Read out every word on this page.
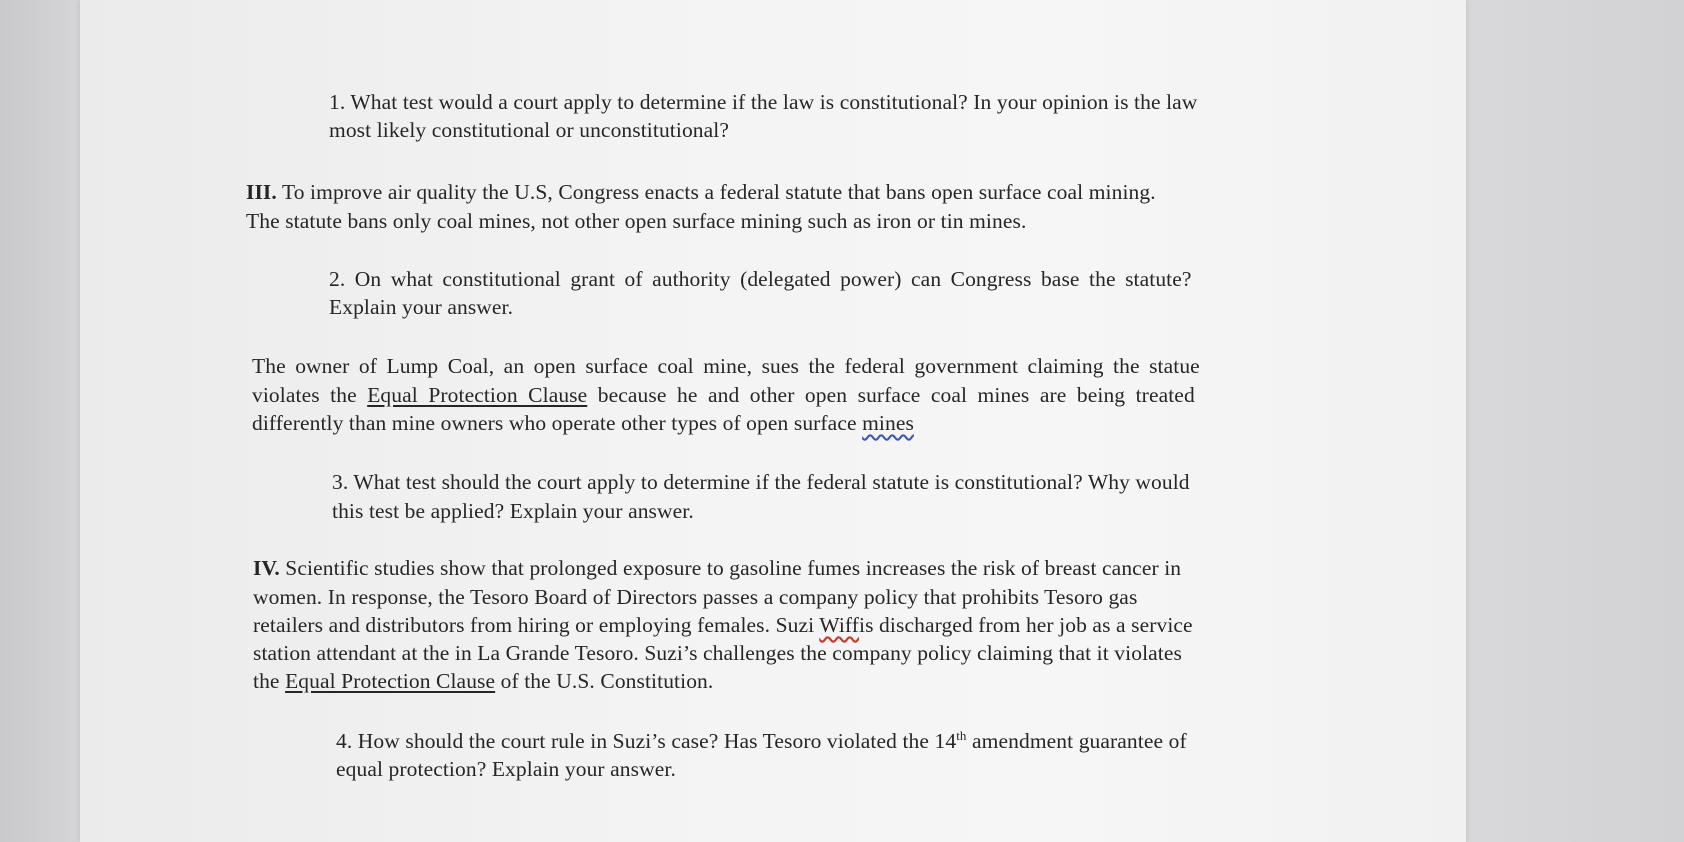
1. What test would a court apply to determine if the law is constitutional? In your opinion is the law
most likely constitutional or unconstitutional?
III. To improve air quality the U.S, Congress enacts a federal statute that bans open surface coal mining.
The statute bans only coal mines, not other open surface mining such as iron or tin mines.
2. On what constitutional grant of authority (delegated power) can Congress base the statute?
Explain your answer.
The owner of Lump Coal, an open surface coal mine, sues the federal government claiming the statue
violates the Equal Protection Clause because he and other open surface coal mines are being treated
differently than mine owners who operate other types of open surface mines
3. What test should the court apply to determine if the federal statute is constitutional? Why would
this test be applied? Explain your answer.
IV. Scientific studies show that prolonged exposure to gasoline fumes increases the risk of breast cancer in
women. In response, the Tesoro Board of Directors passes a company policy that prohibits Tesoro gas
retailers and distributors from hiring or employing females. Suzi Wiffis discharged from her job as a service
station attendant at the in La Grande Tesoro. Suzi’s challenges the company policy claiming that it violates
the Equal Protection Clause of the U.S. Constitution.
4. How should the court rule in Suzi’s case? Has Tesoro violated the 14th amendment guarantee of
equal protection? Explain your answer.
